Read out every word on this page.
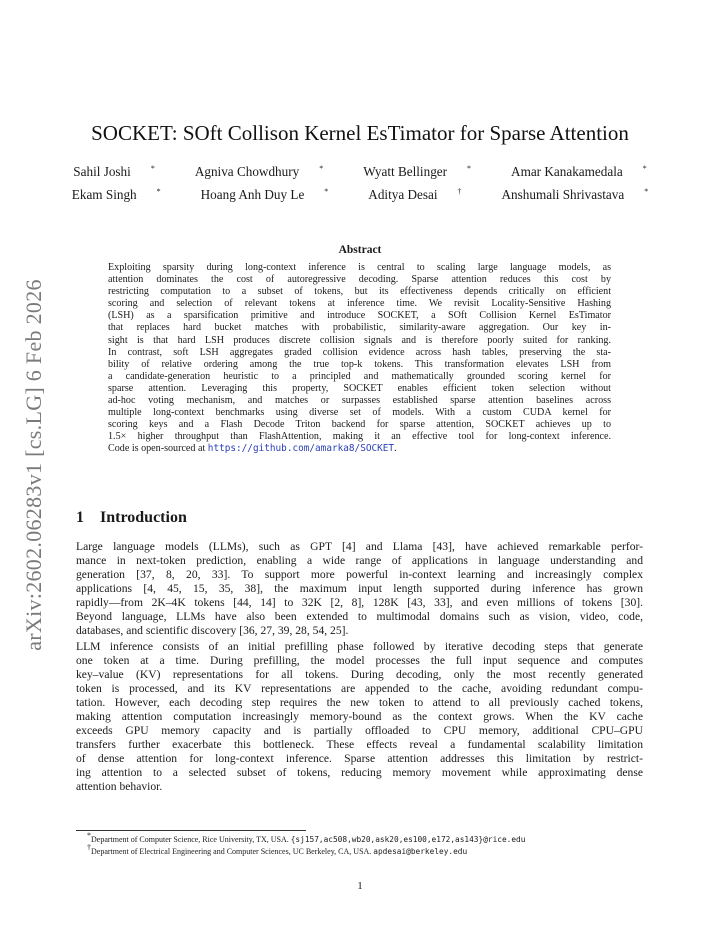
arXiv:2602.06283v1 [cs.LG] 6 Feb 2026
SOCKET: SOft Collison Kernel EsTimator for Sparse Attention
Sahil Joshi	*	Agniva Chowdhury	*	Wyatt Bellinger	*	Amar Kanakamedala	*
Ekam Singh	*	Hoang Anh Duy Le	*	Aditya Desai	†	Anshumali Shrivastava	*
Abstract
Exploiting sparsity during long-context inference is central to scaling large language models, as
attention dominates the cost of autoregressive decoding. Sparse attention reduces this cost by
restricting computation to a subset of tokens, but its effectiveness depends critically on efficient
scoring and selection of relevant tokens at inference time. We revisit Locality-Sensitive Hashing
(LSH) as a sparsification primitive and introduce SOCKET, a SOft Collision Kernel EsTimator
that replaces hard bucket matches with probabilistic, similarity-aware aggregation. Our key in-
sight is that hard LSH produces discrete collision signals and is therefore poorly suited for ranking.
In contrast, soft LSH aggregates graded collision evidence across hash tables, preserving the sta-
bility of relative ordering among the true top-k tokens. This transformation elevates LSH from
a candidate-generation heuristic to a principled and mathematically grounded scoring kernel for
sparse attention. Leveraging this property, SOCKET enables efficient token selection without
ad-hoc voting mechanism, and matches or surpasses established sparse attention baselines across
multiple long-context benchmarks using diverse set of models. With a custom CUDA kernel for
scoring keys and a Flash Decode Triton backend for sparse attention, SOCKET achieves up to
1.5× higher throughput than FlashAttention, making it an effective tool for long-context inference.
Code is open-sourced at https://github.com/amarka8/SOCKET.
1 Introduction
Large language models (LLMs), such as GPT [4] and Llama [43], have achieved remarkable perfor-
mance in next-token prediction, enabling a wide range of applications in language understanding and
generation [37, 8, 20, 33]. To support more powerful in-context learning and increasingly complex
applications [4, 45, 15, 35, 38], the maximum input length supported during inference has grown
rapidly—from 2K–4K tokens [44, 14] to 32K [2, 8], 128K [43, 33], and even millions of tokens [30].
Beyond language, LLMs have also been extended to multimodal domains such as vision, video, code,
databases, and scientific discovery [36, 27, 39, 28, 54, 25].
LLM inference consists of an initial prefilling phase followed by iterative decoding steps that generate
one token at a time. During prefilling, the model processes the full input sequence and computes
key–value (KV) representations for all tokens. During decoding, only the most recently generated
token is processed, and its KV representations are appended to the cache, avoiding redundant compu-
tation. However, each decoding step requires the new token to attend to all previously cached tokens,
making attention computation increasingly memory-bound as the context grows. When the KV cache
exceeds GPU memory capacity and is partially offloaded to CPU memory, additional CPU–GPU
transfers further exacerbate this bottleneck. These effects reveal a fundamental scalability limitation
of dense attention for long-context inference. Sparse attention addresses this limitation by restrict-
ing attention to a selected subset of tokens, reducing memory movement while approximating dense
attention behavior.
*Department of Computer Science, Rice University, TX, USA. {sj157,ac508,wb20,ask20,es100,e172,as143}@rice.edu
†Department of Electrical Engineering and Computer Sciences, UC Berkeley, CA, USA. apdesai@berkeley.edu
1
